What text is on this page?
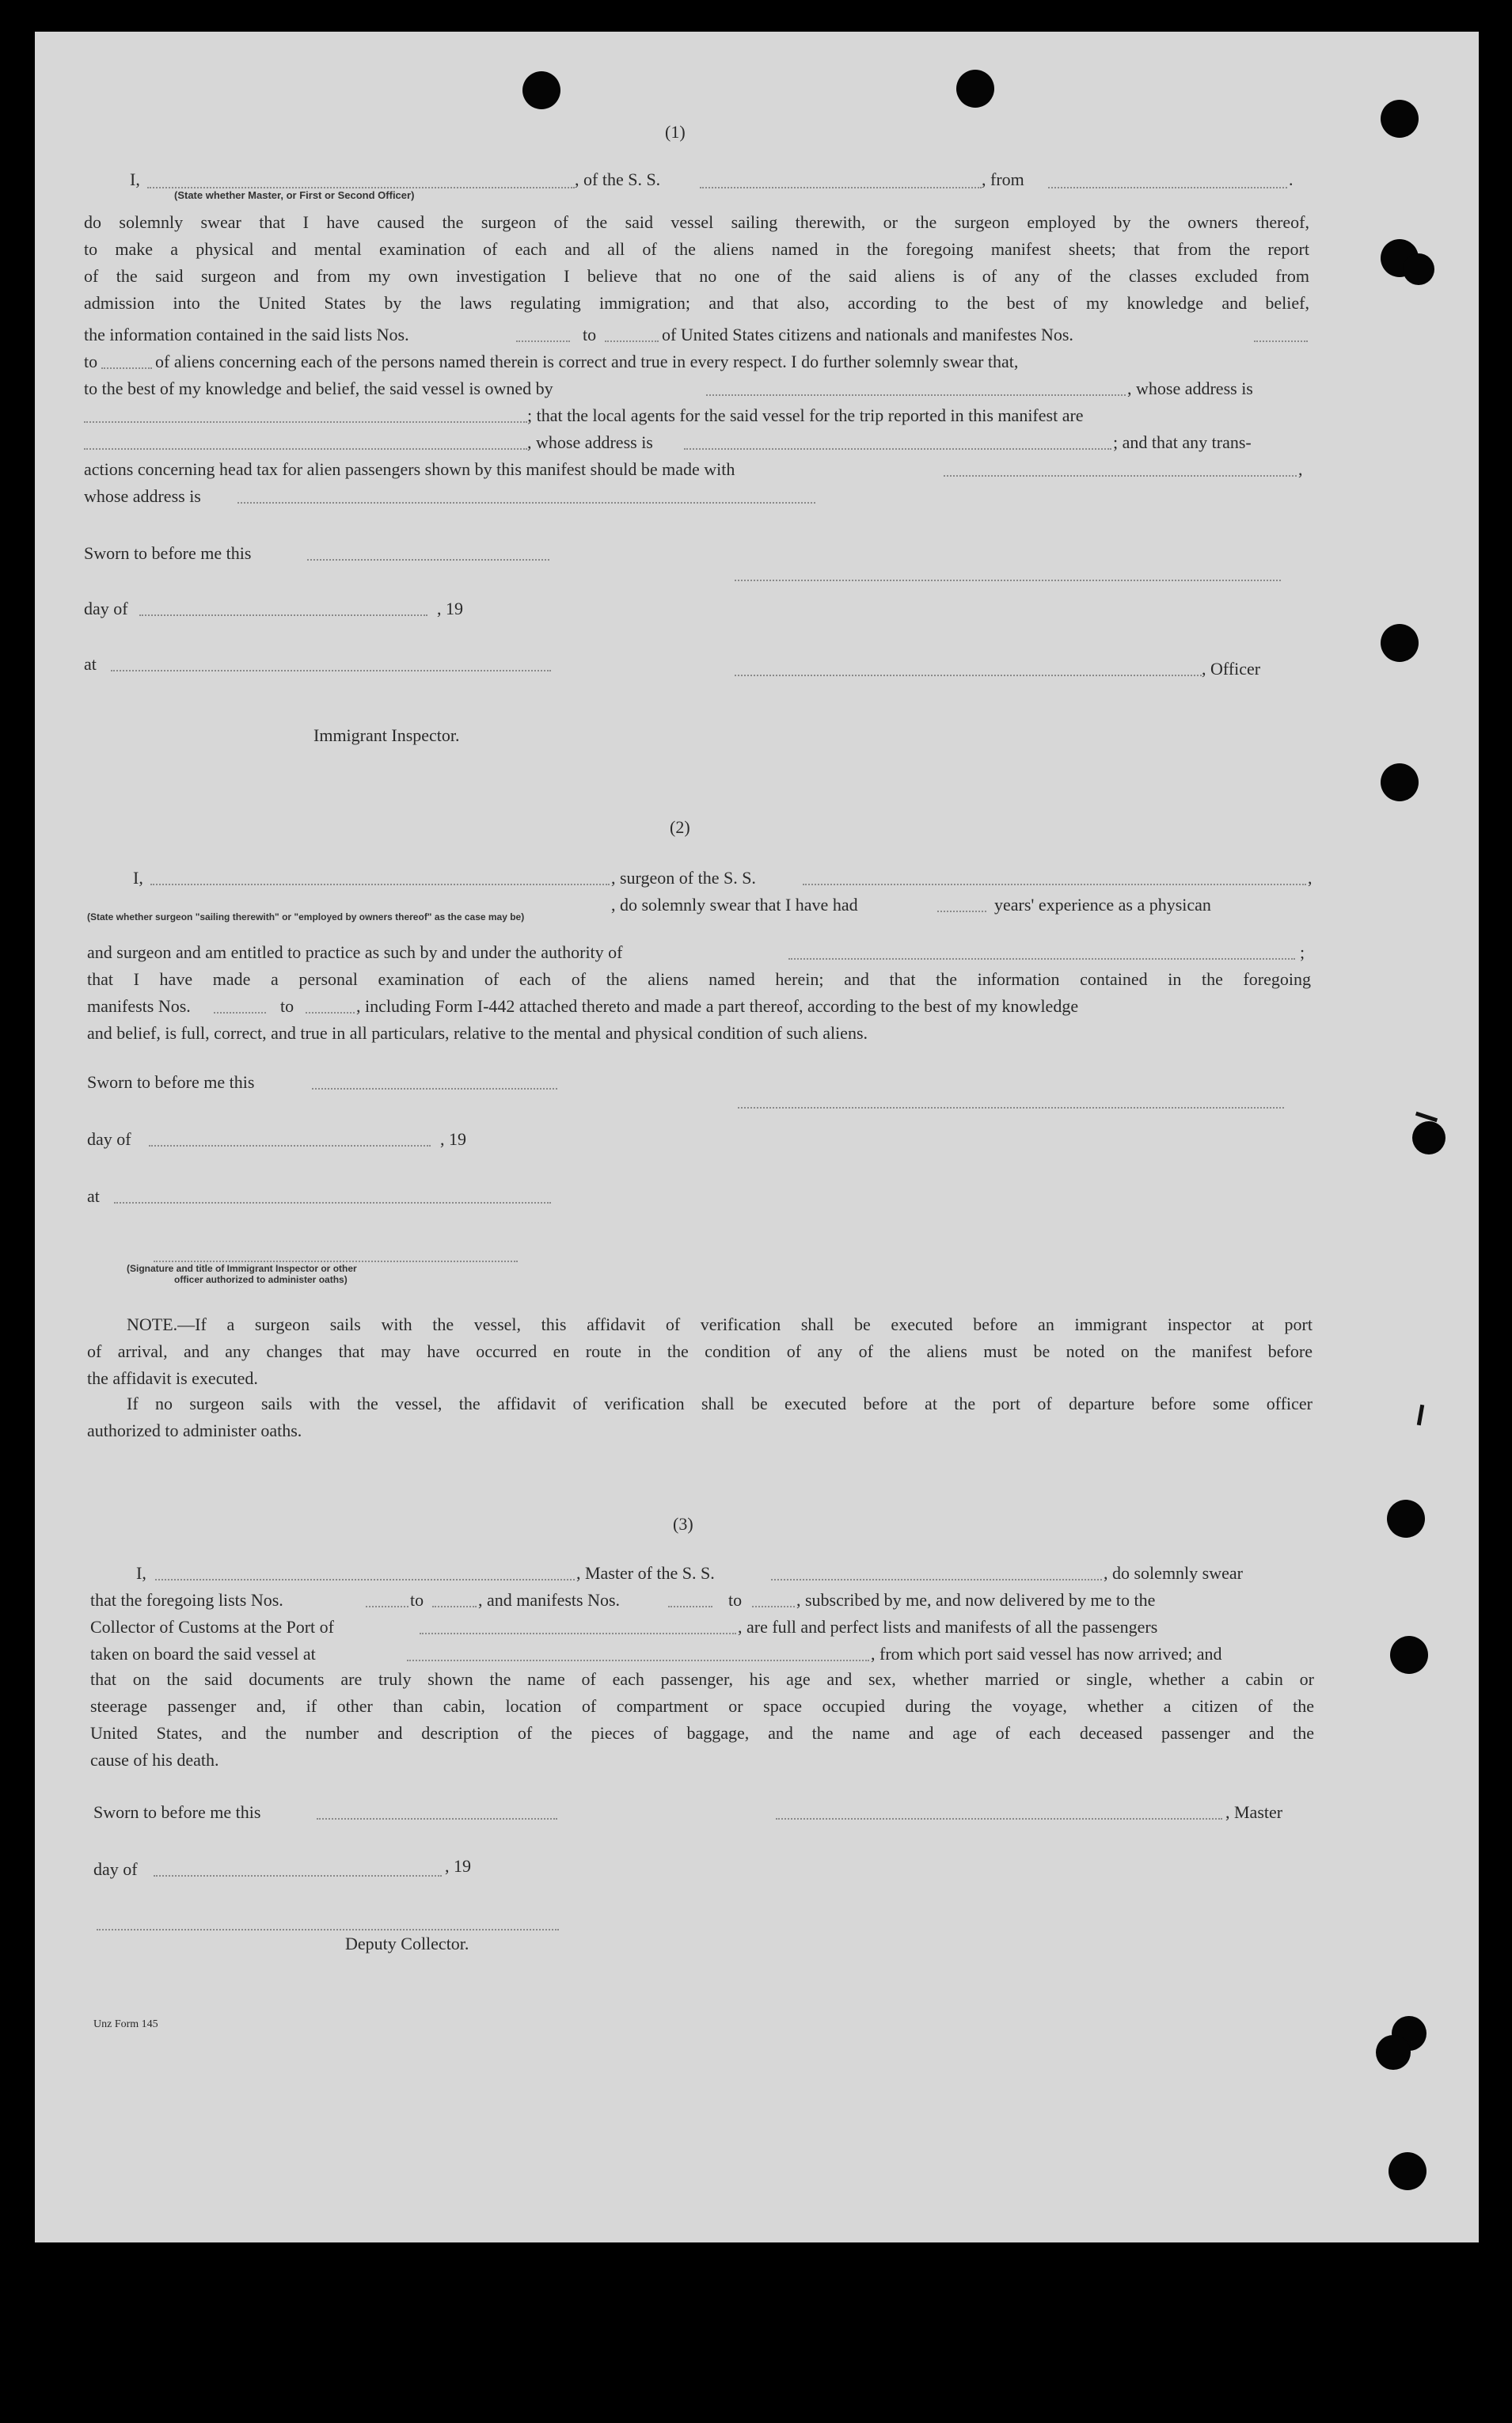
(1)
I,	, of the S. S.	, from	.
(State whether Master, or First or Second Officer)
do solemnly swear that I have caused the surgeon of the said vessel sailing therewith, or the surgeon employed by the owners thereof,
to make a physical and mental examination of each and all of the aliens named in the foregoing manifest sheets; that from the report
of the said surgeon and from my own investigation I believe that no one of the said aliens is of any of the classes excluded from
admission into the United States by the laws regulating immigration; and that also, according to the best of my knowledge and belief,
the information contained in the said lists Nos.	to	of United States citizens and nationals and manifestes Nos.
to	of aliens concerning each of the persons named therein is correct and true in every respect. I do further solemnly swear that,
to the best of my knowledge and belief, the said vessel is owned by	, whose address is
; that the local agents for the said vessel for the trip reported in this manifest are
, whose address is	; and that any trans-
actions concerning head tax for alien passengers shown by this manifest should be made with	,
whose address is
Sworn to before me this
day of	, 19
at	, Officer
Immigrant Inspector.
(2)
I,	, surgeon of the S. S.	,
, do solemnly swear that I have had	years' experience as a physican
(State whether surgeon "sailing therewith" or "employed by owners thereof" as the case may be)
and surgeon and am entitled to practice as such by and under the authority of	;
that I have made a personal examination of each of the aliens named herein; and that the information contained in the foregoing
manifests Nos.	to	, including Form I-442 attached thereto and made a part thereof, according to the best of my knowledge
and belief, is full, correct, and true in all particulars, relative to the mental and physical condition of such aliens.
Sworn to before me this
day of	, 19
at
(Signature and title of Immigrant Inspector or other
officer authorized to administer oaths)
NOTE.—If a surgeon sails with the vessel, this affidavit of verification shall be executed before an immigrant inspector at port
of arrival, and any changes that may have occurred en route in the condition of any of the aliens must be noted on the manifest before
the affidavit is executed.
If no surgeon sails with the vessel, the affidavit of verification shall be executed before at the port of departure before some officer
authorized to administer oaths.
(3)
I,	, Master of the S. S.	, do solemnly swear
that the foregoing lists Nos.	to	, and manifests Nos.	to	, subscribed by me, and now delivered by me to the
Collector of Customs at the Port of	, are full and perfect lists and manifests of all the passengers
taken on board the said vessel at	, from which port said vessel has now arrived; and
that on the said documents are truly shown the name of each passenger, his age and sex, whether married or single, whether a cabin or
steerage passenger and, if other than cabin, location of compartment or space occupied during the voyage, whether a citizen of the
United States, and the number and description of the pieces of baggage, and the name and age of each deceased passenger and the
cause of his death.
Sworn to before me this	, Master
day of	, 19
Deputy Collector.
Unz Form 145
